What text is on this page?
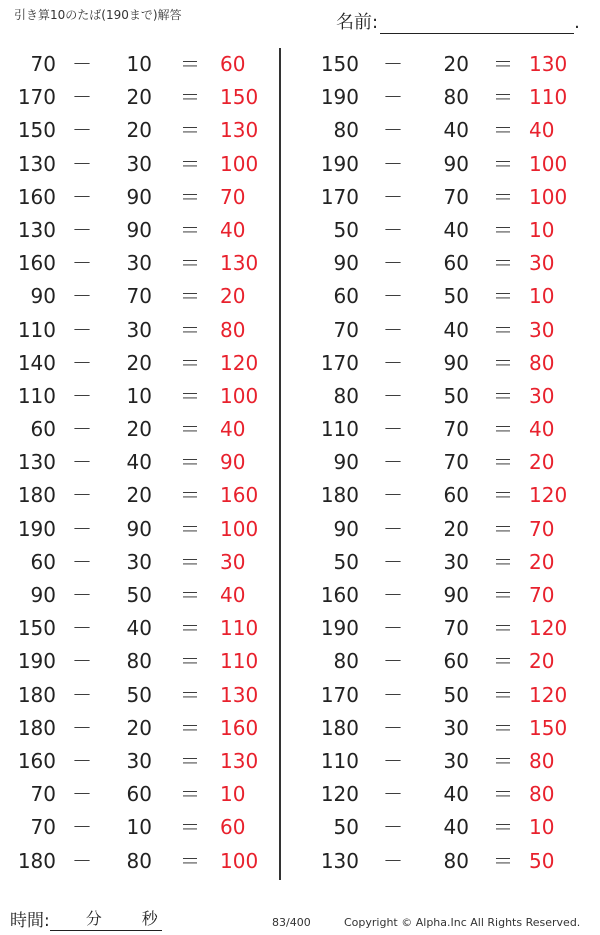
引き算10のたば(190まで)解答	名前:	.
70 －	10 ＝ 60
170 －	20 ＝ 150
150 －	20 ＝ 130
130 －	30 ＝ 100
160 －	90 ＝ 70
130 －	90 ＝ 40
160 －	30 ＝ 130
90 －	70 ＝ 20
110 －	30 ＝ 80
140 －	20 ＝ 120
110 －	10 ＝ 100
60 －	20 ＝ 40
130 －	40 ＝ 90
180 －	20 ＝ 160
190 －	90 ＝ 100
60 －	30 ＝ 30
90 －	50 ＝ 40
150 －	40 ＝ 110
190 －	80 ＝ 110
180 －	50 ＝ 130
180 －	20 ＝ 160
160 －	30 ＝ 130
70 －	60 ＝ 10
70 －	10 ＝ 60
180 －	80 ＝ 100
150 －	20 ＝ 130
190 －	80 ＝ 110
80 －	40 ＝ 40
190 －	90 ＝ 100
170 －	70 ＝ 100
50 －	40 ＝ 10
90 －	60 ＝ 30
60 －	50 ＝ 10
70 －	40 ＝ 30
170 －	90 ＝ 80
80 －	50 ＝ 30
110 －	70 ＝ 40
90 －	70 ＝ 20
180 －	60 ＝ 120
90 －	20 ＝ 70
50 －	30 ＝ 20
160 －	90 ＝ 70
190 －	70 ＝ 120
80 －	60 ＝ 20
170 －	50 ＝ 120
180 －	30 ＝ 150
110 －	30 ＝ 80
120 －	40 ＝ 80
50 －	40 ＝ 10
130 －	80 ＝ 50
時間: 分 秒	83/400	Copyright © Alpha.Inc All Rights Reserved.
